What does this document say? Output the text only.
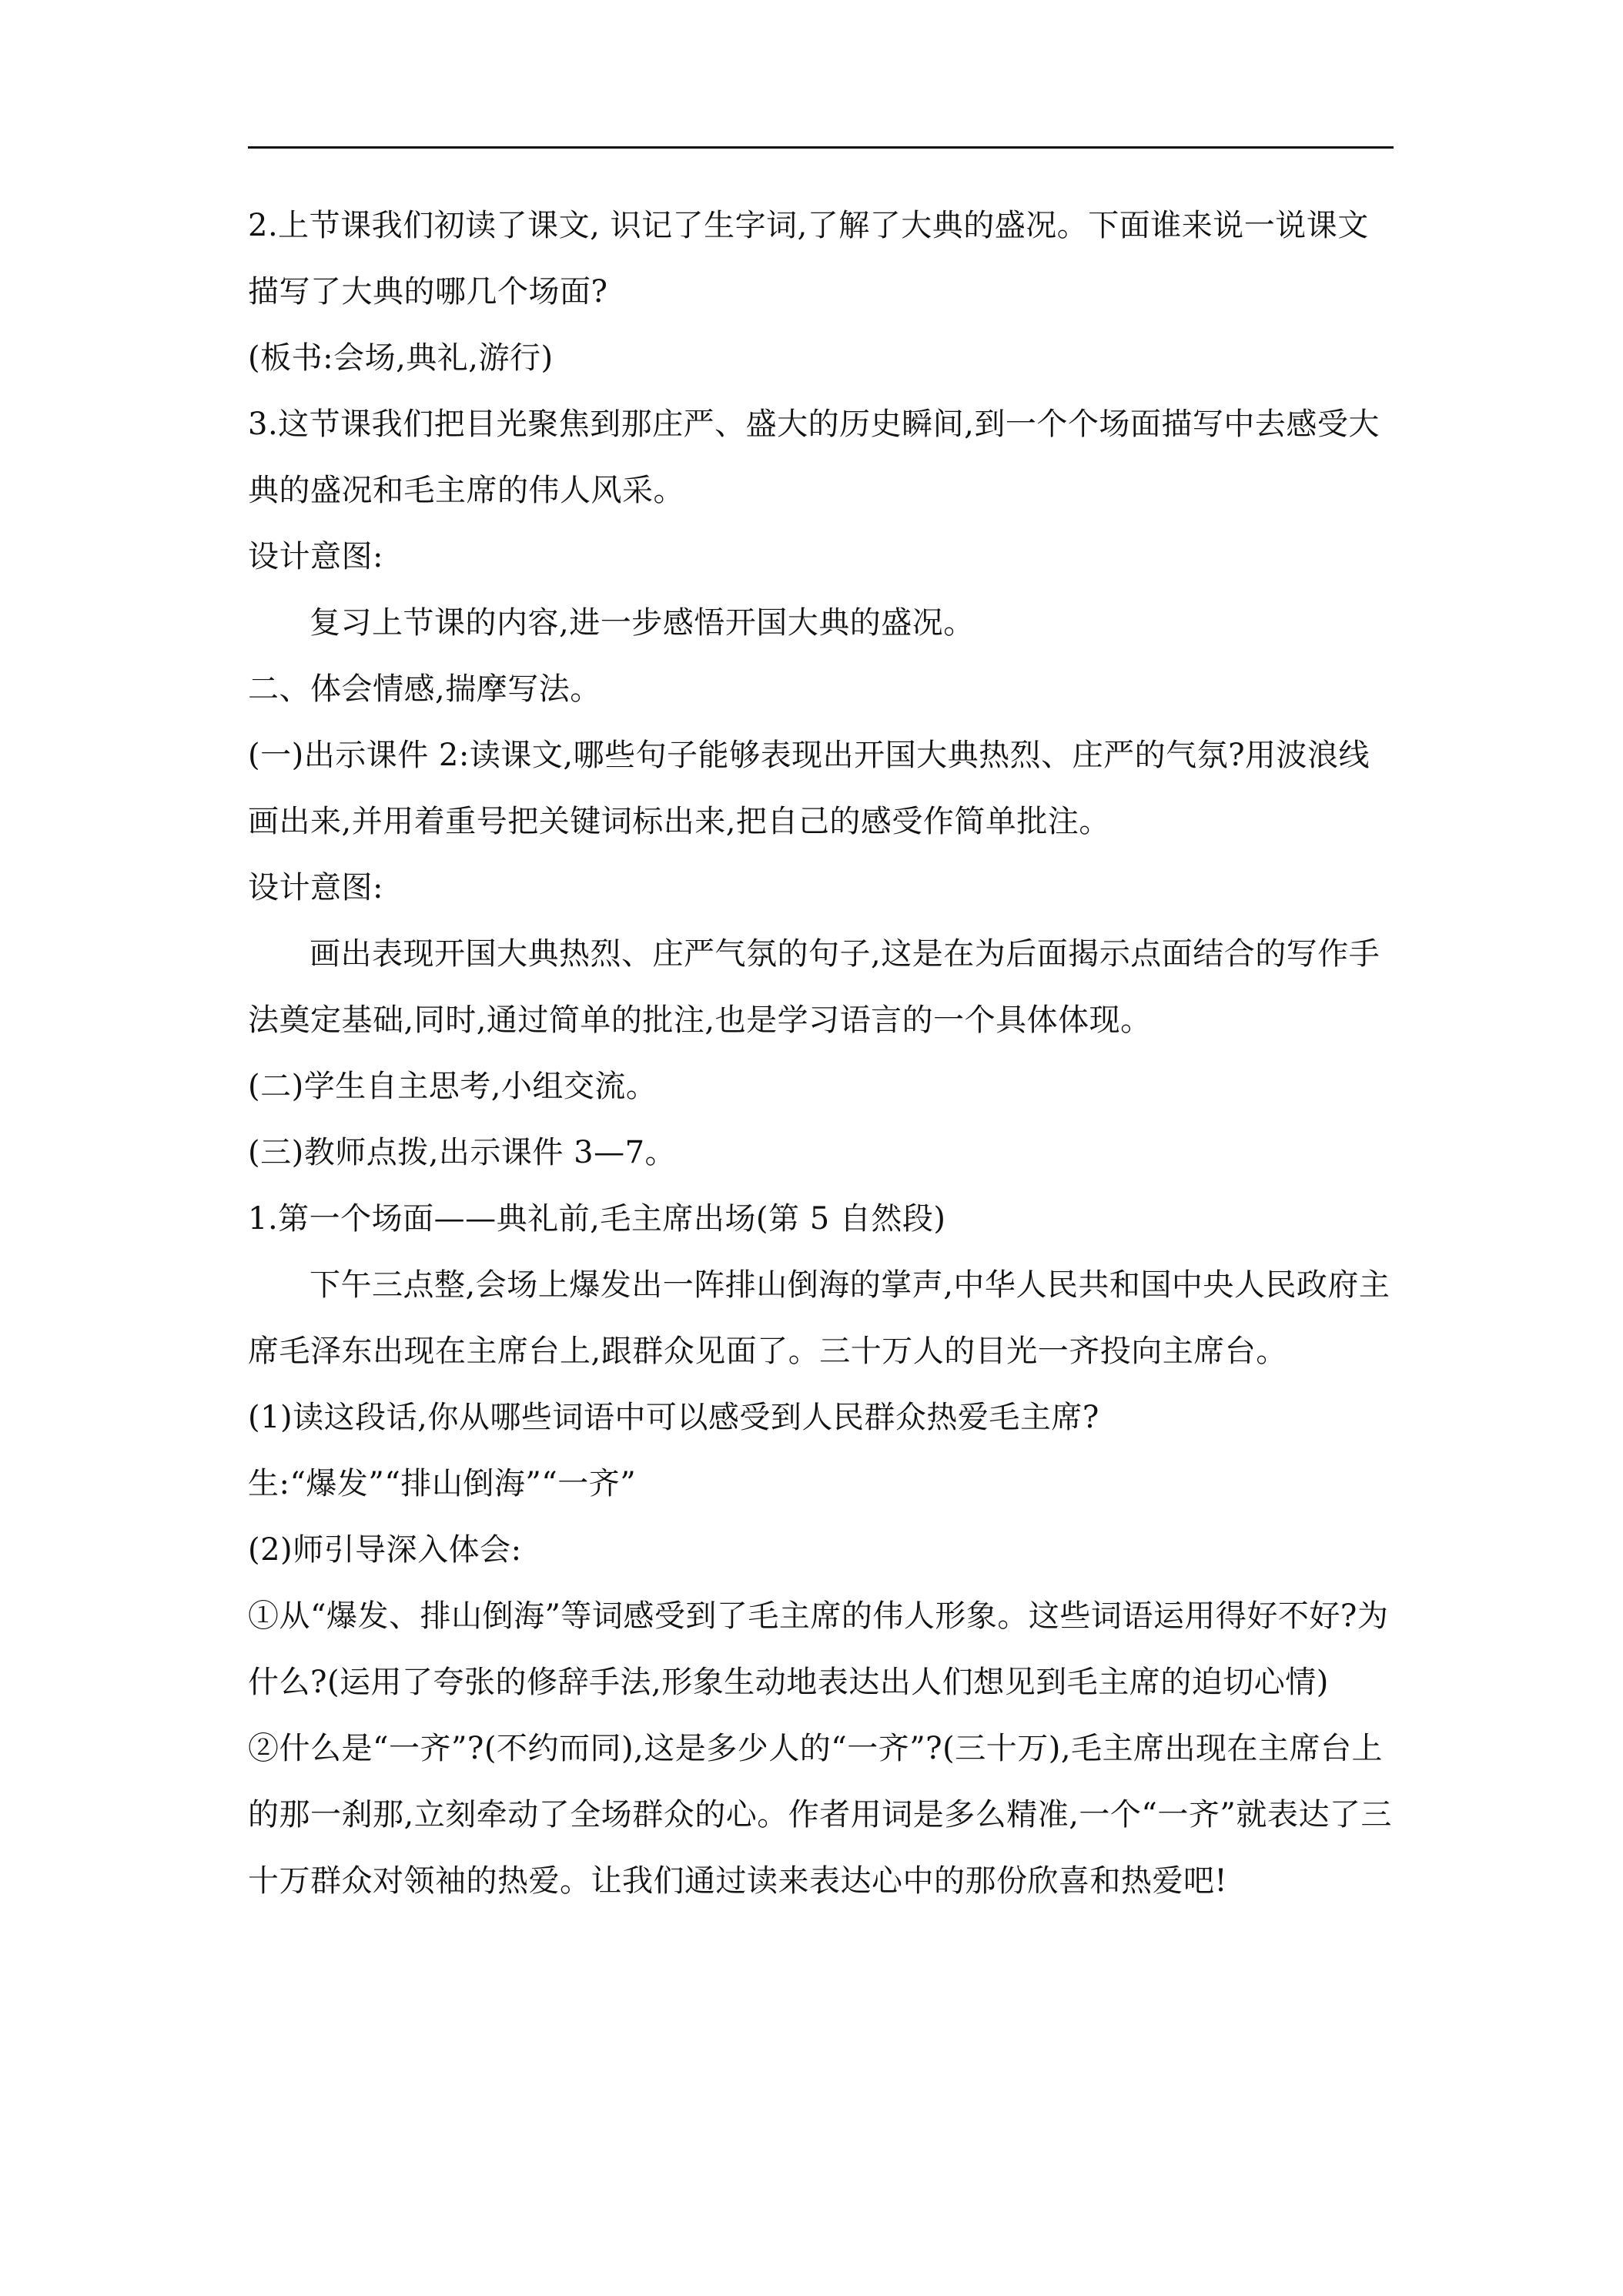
2.上节课我们初读了课文, 识记了生字词,了解了大典的盛况。下面谁来说一说课文描写了大典的哪几个场面?

(板书:会场,典礼,游行)

3.这节课我们把目光聚焦到那庄严、盛大的历史瞬间,到一个个场面描写中去感受大典的盛况和毛主席的伟人风采。

设计意图:

复习上节课的内容,进一步感悟开国大典的盛况。

二、体会情感,揣摩写法。

(一)出示课件 2:读课文,哪些句子能够表现出开国大典热烈、庄严的气氛?用波浪线画出来,并用着重号把关键词标出来,把自己的感受作简单批注。

设计意图:

画出表现开国大典热烈、庄严气氛的句子,这是在为后面揭示点面结合的写作手法奠定基础,同时,通过简单的批注,也是学习语言的一个具体体现。

(二)学生自主思考,小组交流。

(三)教师点拨,出示课件 3—7。

1.第一个场面——典礼前,毛主席出场(第 5 自然段)

下午三点整,会场上爆发出一阵排山倒海的掌声,中华人民共和国中央人民政府主席毛泽东出现在主席台上,跟群众见面了。三十万人的目光一齐投向主席台。

(1)读这段话,你从哪些词语中可以感受到人民群众热爱毛主席?

生:“爆发”“排山倒海”“一齐”

(2)师引导深入体会:

①从“爆发、排山倒海”等词感受到了毛主席的伟人形象。这些词语运用得好不好?为什么?(运用了夸张的修辞手法,形象生动地表达出人们想见到毛主席的迫切心情)

②什么是“一齐”?(不约而同),这是多少人的“一齐”?(三十万),毛主席出现在主席台上的那一刹那,立刻牵动了全场群众的心。作者用词是多么精准,一个“一齐”就表达了三十万群众对领袖的热爱。让我们通过读来表达心中的那份欣喜和热爱吧!
